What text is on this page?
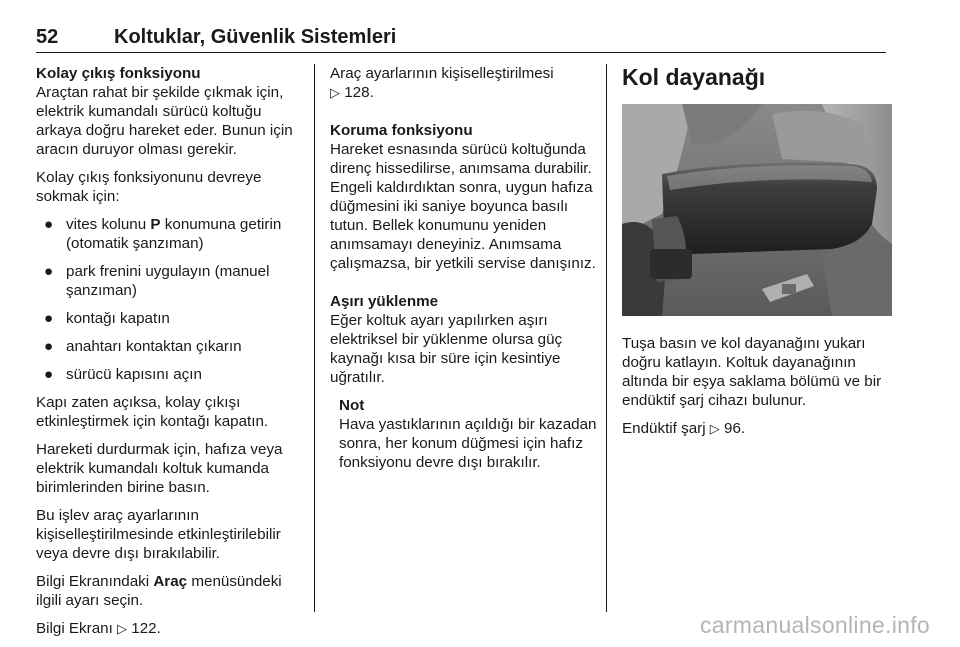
52	Koltuklar, Güvenlik Sistemleri
Kolay çıkış fonksiyonu

Araçtan rahat bir şekilde çıkmak için, elektrik kumandalı sürücü koltuğu arkaya doğru hareket eder. Bunun için aracın duruyor olması gerekir.

Kolay çıkış fonksiyonunu devreye sokmak için:

● vites kolunu P konumuna getirin (otomatik şanzıman)
● park frenini uygulayın (manuel şanzıman)
● kontağı kapatın
● anahtarı kontaktan çıkarın
● sürücü kapısını açın

Kapı zaten açıksa, kolay çıkışı etkinleştirmek için kontağı kapatın.

Hareketi durdurmak için, hafıza veya elektrik kumandalı koltuk kumanda birimlerinden birine basın.

Bu işlev araç ayarlarının kişiselleştirilmesinde etkinleştirilebilir veya devre dışı bırakılabilir.

Bilgi Ekranındaki Araç menüsündeki ilgili ayarı seçin.

Bilgi Ekranı ▷ 122.

Araç ayarlarının kişiselleştirilmesi
▷ 128.

Koruma fonksiyonu

Hareket esnasında sürücü koltuğunda direnç hissedilirse, anımsama durabilir. Engeli kaldırdıktan sonra, uygun hafıza düğmesini iki saniye boyunca basılı tutun. Bellek konumunu yeniden anımsamayı deneyiniz. Anımsama çalışmazsa, bir yetkili servise danışınız.

Aşırı yüklenme

Eğer koltuk ayarı yapılırken aşırı elektriksel bir yüklenme olursa güç kaynağı kısa bir süre için kesintiye uğratılır.

Not
Hava yastıklarının açıldığı bir kazadan sonra, her konum düğmesi için hafız fonksiyonu devre dışı bırakılır.
Kol dayanağı

Tuşa basın ve kol dayanağını yukarı doğru katlayın. Koltuk dayanağının altında bir eşya saklama bölümü ve bir endüktif şarj cihazı bulunur.

Endüktif şarj ▷ 96.

carmanualsonline.info
